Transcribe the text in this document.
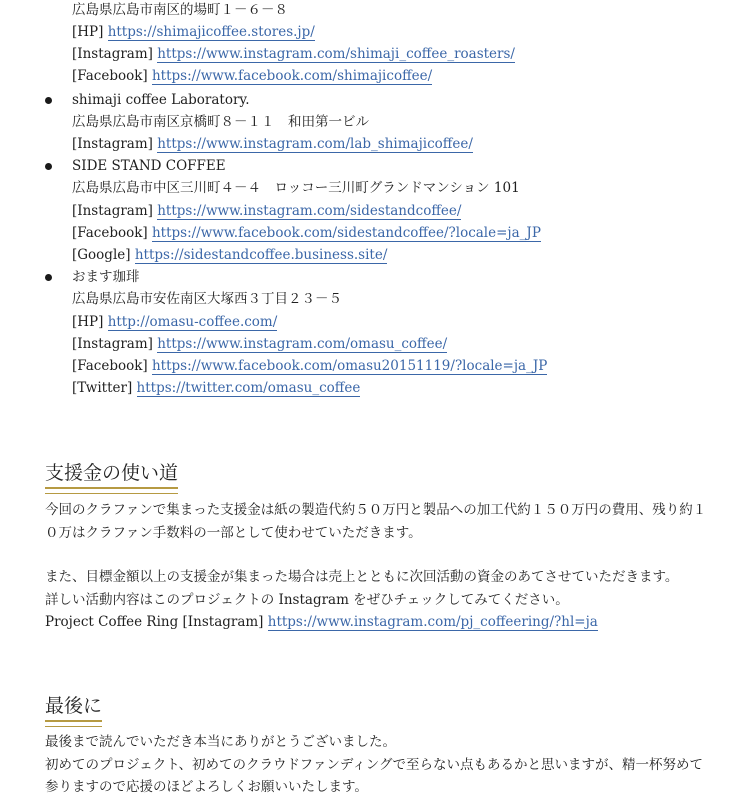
広島県広島市南区的場町１－６－８
[HP] https://shimajicoffee.stores.jp/
[Instagram] https://www.instagram.com/shimaji_coffee_roasters/
[Facebook] https://www.facebook.com/shimajicoffee/
shimaji coffee Laboratory.
広島県広島市南区京橋町８－１１　和田第一ビル
[Instagram] https://www.instagram.com/lab_shimajicoffee/
SIDE STAND COFFEE
広島県広島市中区三川町４－４　ロッコー三川町グランドマンション 101
[Instagram] https://www.instagram.com/sidestandcoffee/
[Facebook] https://www.facebook.com/sidestandcoffee/?locale=ja_JP
[Google] https://sidestandcoffee.business.site/
おます珈琲
広島県広島市安佐南区大塚西３丁目２３－５
[HP] http://omasu-coffee.com/
[Instagram] https://www.instagram.com/omasu_coffee/
[Facebook] https://www.facebook.com/omasu20151119/?locale=ja_JP
[Twitter] https://twitter.com/omasu_coffee
支援金の使い道
今回のクラファンで集まった支援金は紙の製造代約５０万円と製品への加工代約１５０万円の費用、残り約１
０万はクラファン手数料の一部として使わせていただきます。
また、目標金額以上の支援金が集まった場合は売上とともに次回活動の資金のあてさせていただきます。
詳しい活動内容はこのプロジェクトの Instagram をぜひチェックしてみてください。
Project Coffee Ring [Instagram] https://www.instagram.com/pj_coffeering/?hl=ja
最後に
最後まで読んでいただき本当にありがとうございました。
初めてのプロジェクト、初めてのクラウドファンディングで至らない点もあるかと思いますが、精一杯努めて
参りますので応援のほどよろしくお願いいたします。
